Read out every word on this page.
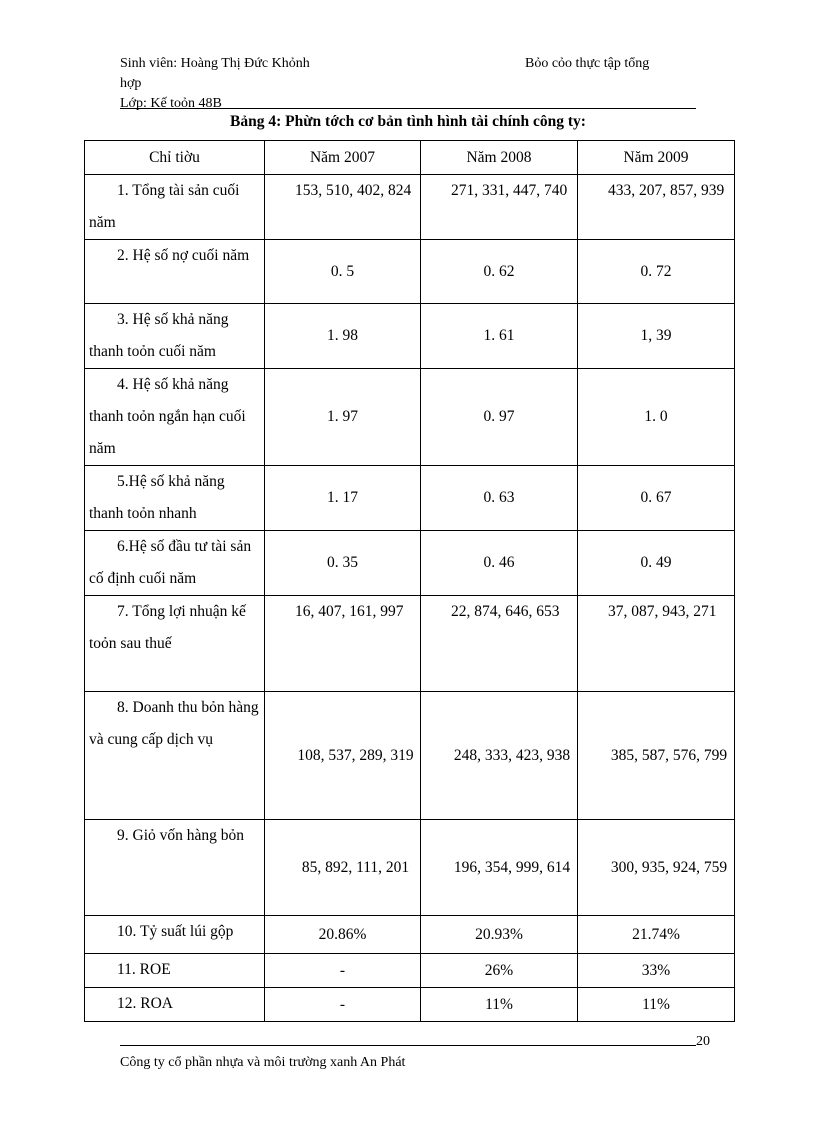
Sinh viên: Hoàng Thị Đức Khỏnh
hợp
Lớp: Kế toỏn 48B
Bỏo cỏo thực tập tổng
Bảng 4: Phừn tớch cơ bản tình hình tài chính công ty:
Chỉ tiờu	Năm 2007	Năm 2008	Năm 2009
1. Tổng tài sản cuối năm	153, 510, 402, 824	271, 331, 447, 740	433, 207, 857, 939
2. Hệ số nợ cuối năm	0. 5	0. 62	0. 72
3. Hệ số khả năng thanh toỏn cuối năm	1. 98	1. 61	1, 39
4. Hệ số khả năng thanh toỏn ngắn hạn cuối năm	1. 97	0. 97	1. 0
5.Hệ số khả năng thanh toỏn nhanh	1. 17	0. 63	0. 67
6.Hệ số đầu tư tài sản cố định cuối năm	0. 35	0. 46	0. 49
7. Tổng lợi nhuận kế toỏn sau thuế	16, 407, 161, 997	22, 874, 646, 653	37, 087, 943, 271
8. Doanh thu bỏn hàng và cung cấp dịch vụ	108, 537, 289, 319	248, 333, 423, 938	385, 587, 576, 799
9. Giỏ vốn hàng bỏn	85, 892, 111, 201	196, 354, 999, 614	300, 935, 924, 759
10. Tỷ suất lúi gộp	20.86%	20.93%	21.74%
11. ROE	-	26%	33%
12. ROA	-	11%	11%
20
Công ty cổ phần nhựa và môi trường xanh An Phát
